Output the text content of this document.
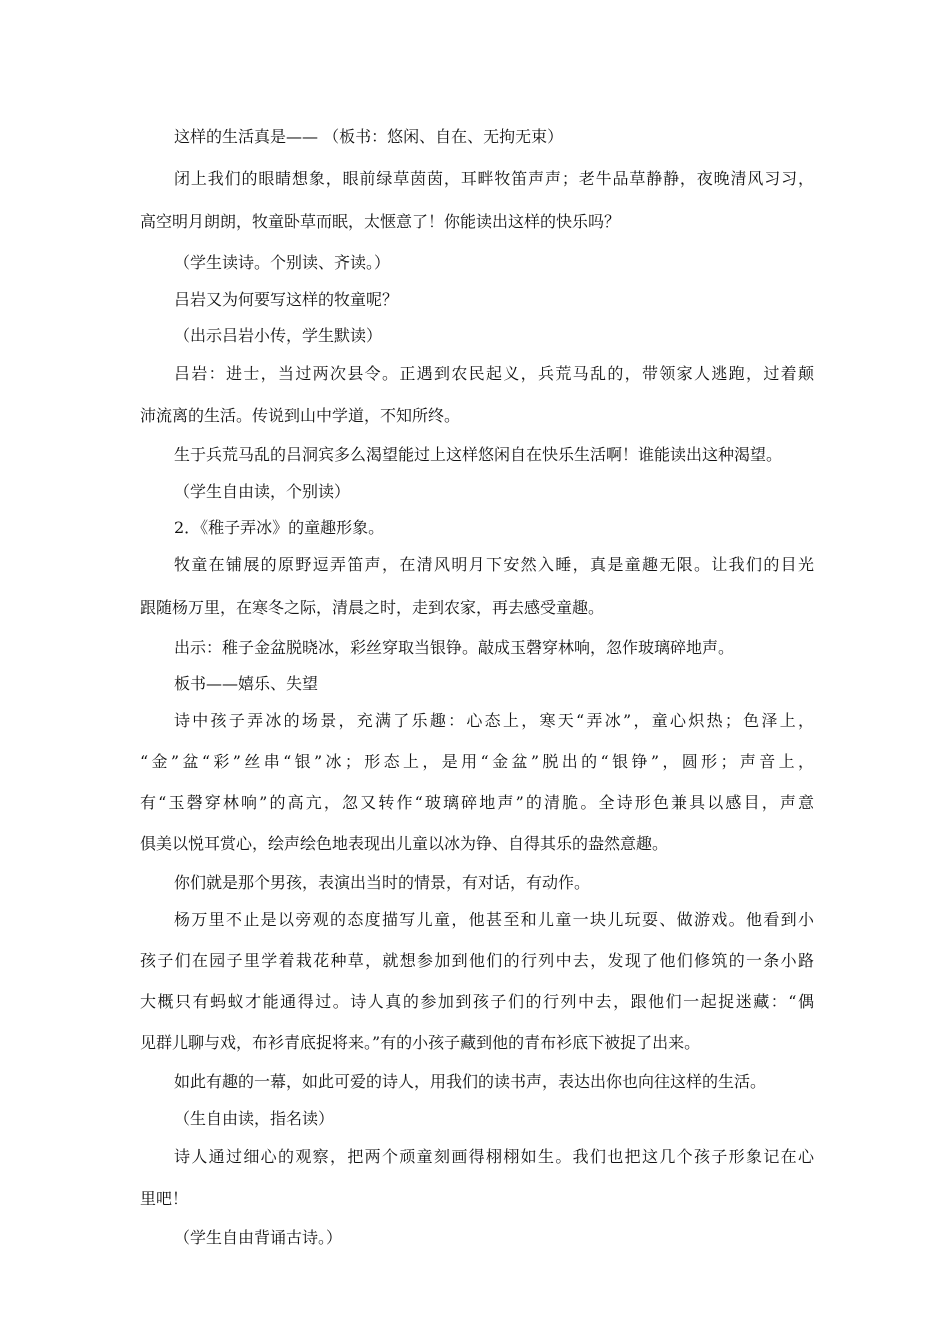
这样的生活真是—— （板书：悠闲、自在、无拘无束）
闭上我们的眼睛想象，眼前绿草茵茵，耳畔牧笛声声；老牛品草静静，夜晚清风习习，
高空明月朗朗，牧童卧草而眠，太惬意了！你能读出这样的快乐吗？
（学生读诗。个别读、齐读。）
吕岩又为何要写这样的牧童呢？
（出示吕岩小传，学生默读）
吕岩：进士，当过两次县令。正遇到农民起义，兵荒马乱的，带领家人逃跑，过着颠
沛流离的生活。传说到山中学道，不知所终。
生于兵荒马乱的吕洞宾多么渴望能过上这样悠闲自在快乐生活啊！谁能读出这种渴望。
（学生自由读，个别读）
2．《稚子弄冰》的童趣形象。
牧童在铺展的原野逗弄笛声，在清风明月下安然入睡，真是童趣无限。让我们的目光
跟随杨万里，在寒冬之际，清晨之时，走到农家，再去感受童趣。
出示：稚子金盆脱晓冰，彩丝穿取当银铮。敲成玉磬穿林响，忽作玻璃碎地声。
板书——嬉乐、失望
诗中孩子弄冰的场景，充满了乐趣：心态上，寒天“弄冰”，童心炽热；色泽上，
“金”盆“彩”丝串“银”冰；形态上，是用“金盆”脱出的“银铮”，圆形；声音上，
有“玉磬穿林响”的高亢，忽又转作“玻璃碎地声”的清脆。全诗形色兼具以感目，声意
俱美以悦耳赏心，绘声绘色地表现出儿童以冰为铮、自得其乐的盎然意趣。
你们就是那个男孩，表演出当时的情景，有对话，有动作。
杨万里不止是以旁观的态度描写儿童，他甚至和儿童一块儿玩耍、做游戏。他看到小
孩子们在园子里学着栽花种草，就想参加到他们的行列中去，发现了他们修筑的一条小路
大概只有蚂蚁才能通得过。诗人真的参加到孩子们的行列中去，跟他们一起捉迷藏：“偶
见群儿聊与戏，布衫青底捉将来。”有的小孩子藏到他的青布衫底下被捉了出来。
如此有趣的一幕，如此可爱的诗人，用我们的读书声，表达出你也向往这样的生活。
（生自由读，指名读）
诗人通过细心的观察，把两个顽童刻画得栩栩如生。我们也把这几个孩子形象记在心
里吧！
（学生自由背诵古诗。）
